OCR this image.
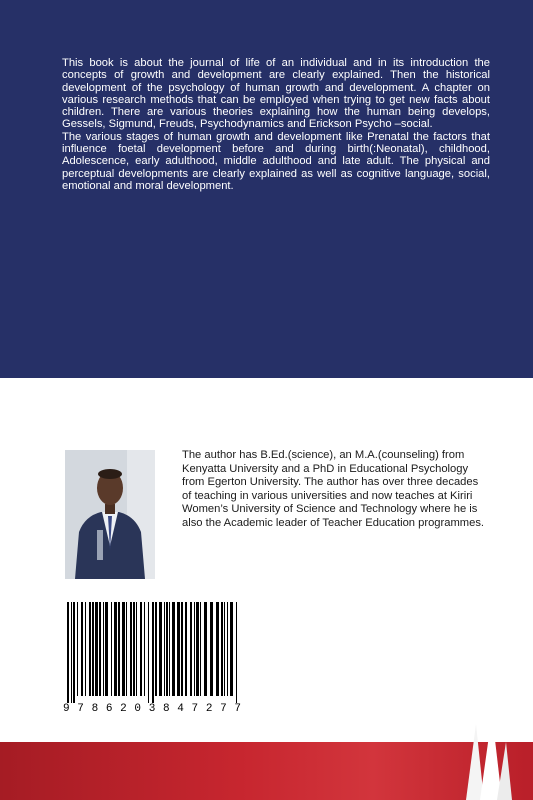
This book is about the journal of life of an individual and in its introduction the concepts of growth and development are clearly explained. Then the historical development of the psychology of human growth and development. A chapter on various research methods that can be employed when trying to get new facts about children. There are various theories explaining how the human being develops, Gessels, Sigmund, Freuds, Psychodynamics and Erickson Psycho –social.

The various stages of human growth and development like Prenatal the factors that influence foetal development before and during birth(:Neonatal), childhood, Adolescence, early adulthood, middle adulthood and late adult. The physical and perceptual developments are clearly explained as well as cognitive language, social, emotional and moral development.

The author has B.Ed.(science), an M.A.(counseling) from Kenyatta University and a PhD in Educational Psychology from Egerton University. The author has over three decades of teaching in various universities and now teaches at Kiriri Women’s University of Science and Technology where he is also the Academic leader of Teacher Education programmes.

9 7 8 6 2 0 3 8 4 7 2 7 7
